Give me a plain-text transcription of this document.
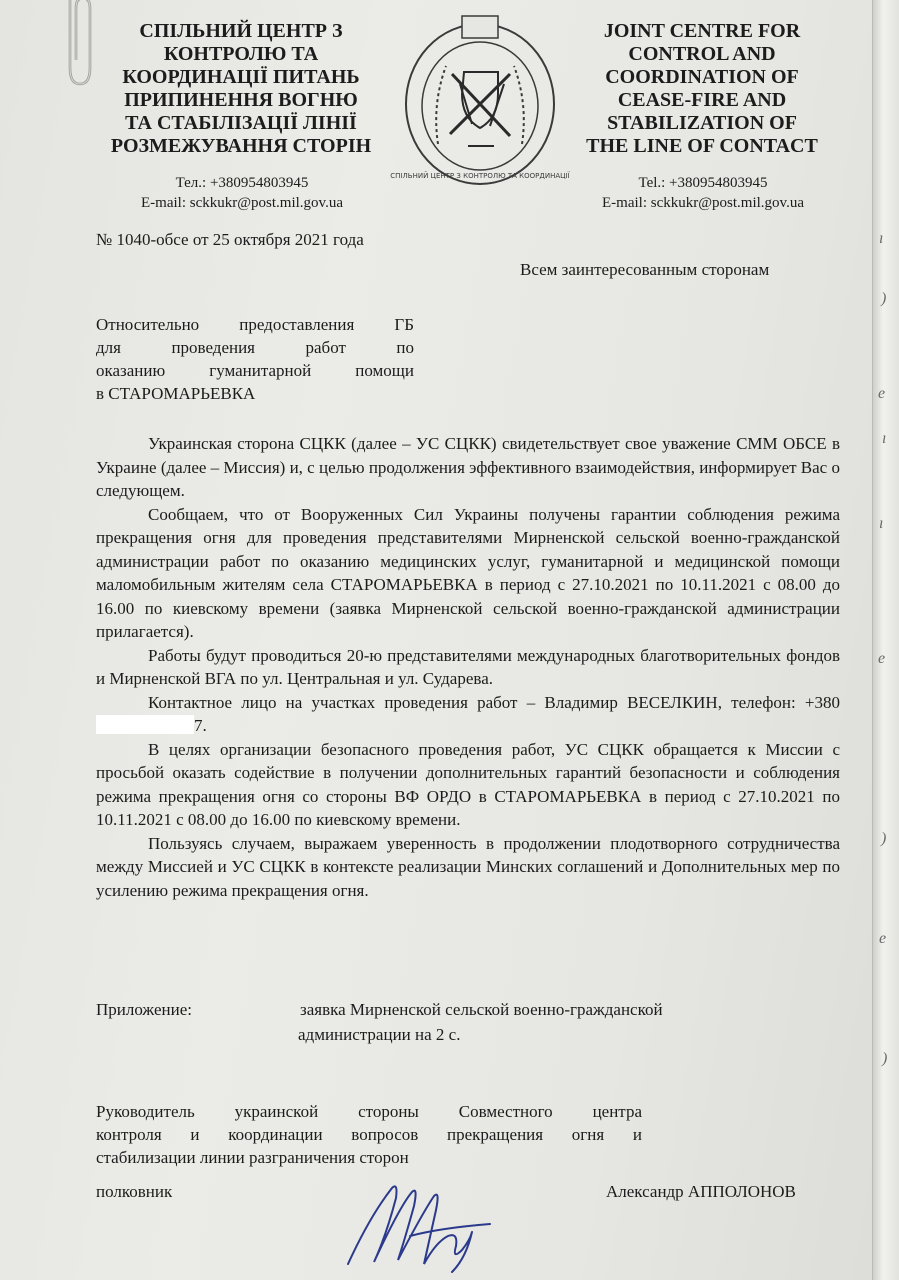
ı
)
e
ı
ı
e
)
e
)
СПІЛЬНИЙ ЦЕНТР З
КОНТРОЛЮ ТА
КООРДИНАЦІЇ ПИТАНЬ
ПРИПИНЕННЯ ВОГНЮ
ТА СТАБІЛІЗАЦІЇ ЛІНІЇ
РОЗМЕЖУВАННЯ СТОРІН
Тел.: +380954803945
E-mail: sckkukr@post.mil.gov.ua
СПІЛЬНИЙ ЦЕНТР З КОНТРОЛЮ ТА КООРДИНАЦІЇ
JOINT CENTRE FOR
CONTROL AND
COORDINATION OF
CEASE-FIRE AND
STABILIZATION OF
THE LINE OF CONTACT
Tel.: +380954803945
E-mail: sckkukr@post.mil.gov.ua
№ 1040-обсе от 25 октября 2021 года
Всем заинтересованным сторонам
Относительно предоставления ГБ
для проведения работ по
оказанию гуманитарной помощи
в СТАРОМАРЬЕВКА

Украинская сторона СЦКК (далее – УС СЦКК) свидетельствует свое уважение СММ ОБСЕ в Украине (далее – Миссия) и, с целью продолжения эффективного взаимодействия, информирует Вас о следующем.

Сообщаем, что от Вооруженных Сил Украины получены гарантии соблюдения режима прекращения огня для проведения представителями Мирненской сельской военно-гражданской администрации работ по оказанию медицинских услуг, гуманитарной и медицинской помощи маломобильным жителям села СТАРОМАРЬЕВКА в период с 27.10.2021 по 10.11.2021 с 08.00 до 16.00 по киевскому времени (заявка Мирненской сельской военно-гражданской администрации прилагается).

Работы будут проводиться 20-ю представителями международных благотворительных фондов и Мирненской ВГА по ул. Центральная и ул. Сударева.

Контактное лицо на участках проведения работ – Владимир ВЕСЕЛКИН, телефон: +3807.

В целях организации безопасного проведения работ, УС СЦКК обращается к Миссии с просьбой оказать содействие в получении дополнительных гарантий безопасности и соблюдения режима прекращения огня со стороны ВФ ОРДО в СТАРОМАРЬЕВКА в период с 27.10.2021 по 10.11.2021 с 08.00 до 16.00 по киевскому времени.

Пользуясь случаем, выражаем уверенность в продолжении плодотворного сотрудничества между Миссией и УС СЦКК в контексте реализации Минских соглашений и Дополнительных мер по усилению режима прекращения огня.

Приложение:	заявка Мирненской сельской военно-гражданской
администрации на 2 с.
Руководитель украинской стороны Совместного центра
контроля и координации вопросов прекращения огня и
стабилизации линии разграничения сторон
полковник	Александр АППОЛОНОВ
